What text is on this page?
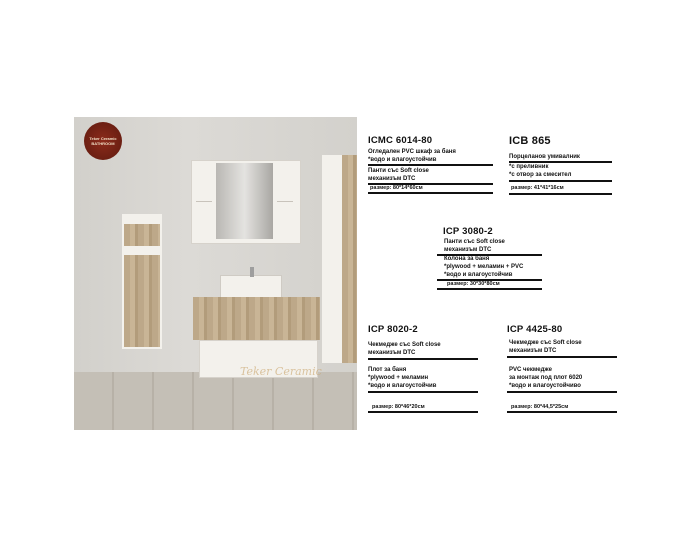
Teker Ceramic
BATHROOM
Teker Ceramic
ICMC 6014-80
Огледален PVC шкаф за баня
*водо и влагоустойчив
Панти със Soft close
механизъм DTC
размер: 80*14*60см
ICB 865
Порцеланов умивалник
*с преливник
*с отвор за смесител
размер: 41*41*16см
ICP 3080-2
Панти със Soft close
механизъм DTC
Колона за баня
*plywood + меламин + PVC
*водо и влагоустойчив
размер: 30*30*80см
ICP 8020-2
Чекмедже със Soft close
механизъм DTC
Плот за баня
*plywood + меламин
*водо и влагоустойчив
размер: 80*46*20см
ICP 4425-80
Чекмедже със Soft close
механизъм DTC
PVC чекмедже
за монтаж под плот 6020
*водо и влагоустойчиво
размер: 80*44,5*25см
